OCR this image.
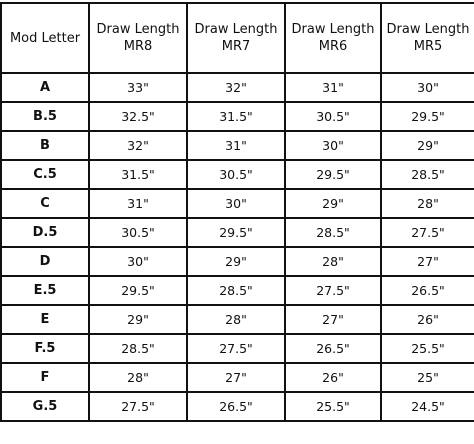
Mod Letter	Draw Length MR8	Draw Length MR7	Draw Length MR6	Draw Length MR5
A	33"	32"	31"	30"
B.5	32.5"	31.5"	30.5"	29.5"
B	32"	31"	30"	29"
C.5	31.5"	30.5"	29.5"	28.5"
C	31"	30"	29"	28"
D.5	30.5"	29.5"	28.5"	27.5"
D	30"	29"	28"	27"
E.5	29.5"	28.5"	27.5"	26.5"
E	29"	28"	27"	26"
F.5	28.5"	27.5"	26.5"	25.5"
F	28"	27"	26"	25"
G.5	27.5"	26.5"	25.5"	24.5"
